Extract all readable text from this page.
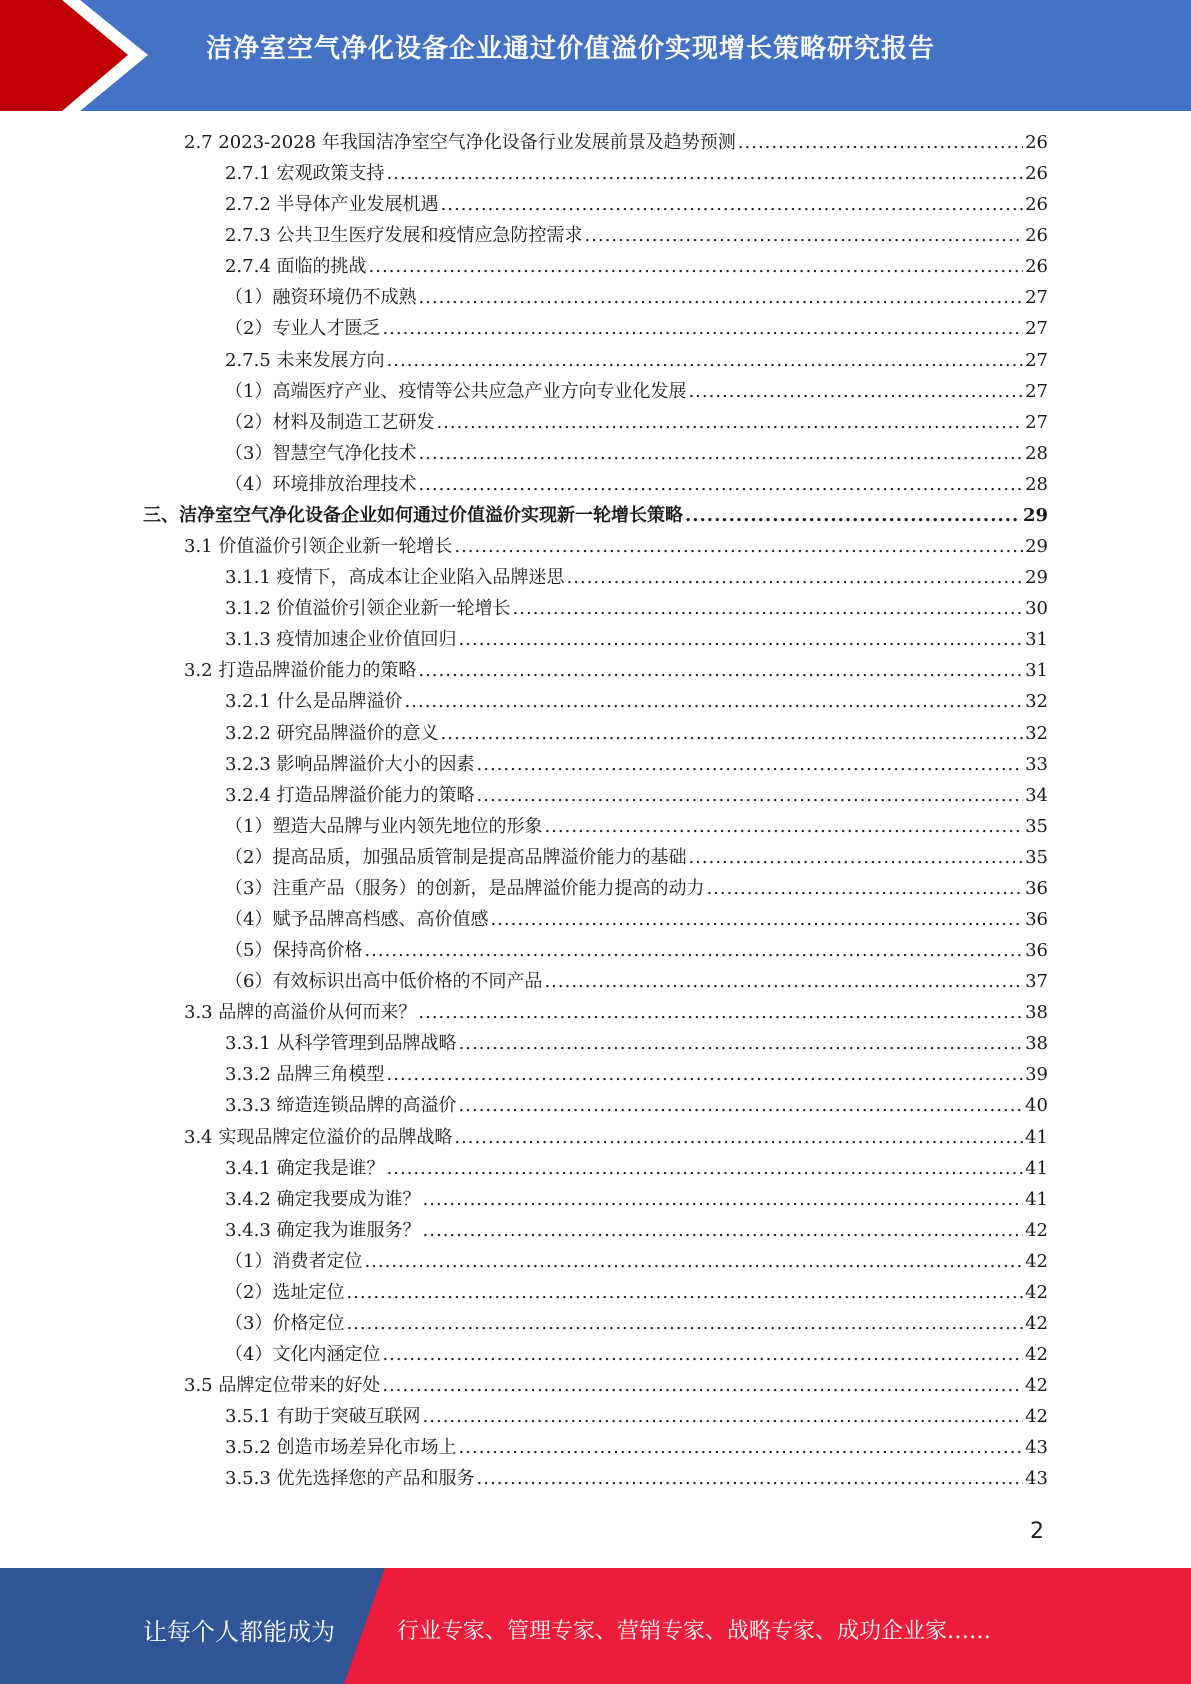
洁净室空气净化设备企业通过价值溢价实现增长策略研究报告
2.7 2023-2028 年我国洁净室空气净化设备行业发展前景及趋势预测 .....	26
2.7.1 宏观政策支持 .....	26
2.7.2 半导体产业发展机遇 .....	26
2.7.3 公共卫生医疗发展和疫情应急防控需求 .....	26
2.7.4 面临的挑战 .....	26
（1）融资环境仍不成熟 .....	27
（2）专业人才匮乏 .....	27
2.7.5 未来发展方向 .....	27
（1）高端医疗产业、疫情等公共应急产业方向专业化发展 .....	27
（2）材料及制造工艺研发 .....	27
（3）智慧空气净化技术 .....	28
（4）环境排放治理技术 .....	28
三、洁净室空气净化设备企业如何通过价值溢价实现新一轮增长策略 .....	29
3.1 价值溢价引领企业新一轮增长 .....	29
3.1.1 疫情下，高成本让企业陷入品牌迷思 .....	29
3.1.2 价值溢价引领企业新一轮增长 .....	30
3.1.3 疫情加速企业价值回归 .....	31
3.2 打造品牌溢价能力的策略 .....	31
3.2.1 什么是品牌溢价 .....	32
3.2.2 研究品牌溢价的意义 .....	32
3.2.3 影响品牌溢价大小的因素 .....	33
3.2.4 打造品牌溢价能力的策略 .....	34
（1）塑造大品牌与业内领先地位的形象 .....	35
（2）提高品质，加强品质管制是提高品牌溢价能力的基础 .....	35
（3）注重产品（服务）的创新，是品牌溢价能力提高的动力 .....	36
（4）赋予品牌高档感、高价值感 .....	36
（5）保持高价格 .....	36
（6）有效标识出高中低价格的不同产品 .....	37
3.3 品牌的高溢价从何而来？ .....	38
3.3.1 从科学管理到品牌战略 .....	38
3.3.2 品牌三角模型 .....	39
3.3.3 缔造连锁品牌的高溢价 .....	40
3.4 实现品牌定位溢价的品牌战略 .....	41
3.4.1 确定我是谁？ .....	41
3.4.2 确定我要成为谁？ .....	41
3.4.3 确定我为谁服务？ .....	42
（1）消费者定位 .....	42
（2）选址定位 .....	42
（3）价格定位 .....	42
（4）文化内涵定位 .....	42
3.5 品牌定位带来的好处 .....	42
3.5.1 有助于突破互联网 .....	42
3.5.2 创造市场差异化市场上 .....	43
3.5.3 优先选择您的产品和服务 .....	43
2
让每个人都能成为	行业专家、管理专家、营销专家、战略专家、成功企业家……
